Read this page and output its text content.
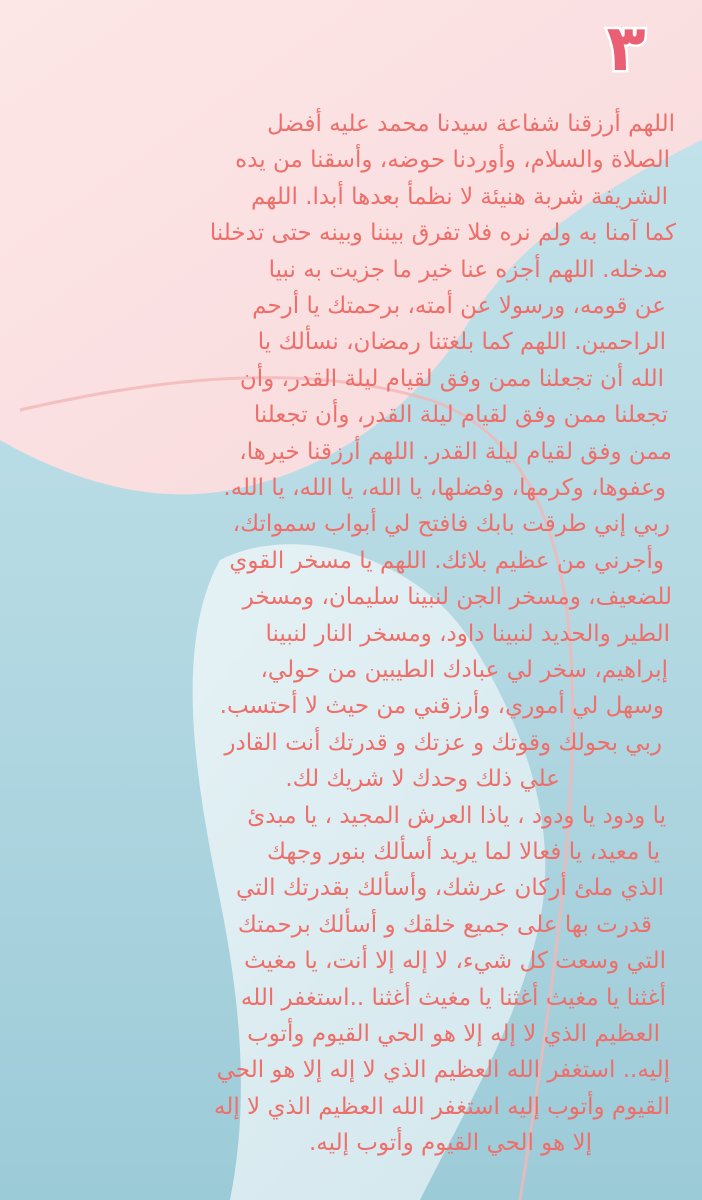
٣
اللهم أرزقنا شفاعة سيدنا محمد عليه أفضل
الصلاة والسلام، وأوردنا حوضه، وأسقنا من يده
الشريفة شربة هنيئة لا نظمأ بعدها أبدا. اللهم
كما آمنا به ولم نره فلا تفرق بيننا وبينه حتى تدخلنا
مدخله. اللهم أجزه عنا خير ما جزيت به نبيا
عن قومه، ورسولا عن أمته، برحمتك يا أرحم
الراحمين. اللهم كما بلغتنا رمضان، نسألك يا
الله أن تجعلنا ممن وفق لقيام ليلة القدر، وأن
تجعلنا ممن وفق لقيام ليلة القدر، وأن تجعلنا
ممن وفق لقيام ليلة القدر. اللهم أرزقنا خيرها،
وعفوها، وكرمها، وفضلها، يا الله، يا الله، يا الله.
ربي إني طرقت بابك فافتح لي أبواب سمواتك،
وأجرني من عظيم بلائك. اللهم يا مسخر القوي
للضعيف، ومسخر الجن لنبينا سليمان، ومسخر
الطير والحديد لنبينا داود، ومسخر النار لنبينا
إبراهيم، سخر لي عبادك الطيبين من حولي،
وسهل لي أموري، وأرزقني من حيث لا أحتسب.
ربي بحولك وقوتك و عزتك و قدرتك أنت القادر
علي ذلك وحدك لا شريك لك.
يا ودود يا ودود ، ياذا العرش المجيد ، يا مبدئ
يا معيد، يا فعالا لما يريد أسألك بنور وجهك
الذي ملئ أركان عرشك، وأسألك بقدرتك التي
قدرت بها على جميع خلقك و أسألك برحمتك
التي وسعت كل شيء، لا إله إلا أنت، يا مغيث
أغثنا يا مغيث أغثنا يا مغيث أغثنا ..استغفر الله
العظيم الذي لا إله إلا هو الحي القيوم وأتوب
إليه.. استغفر الله العظيم الذي لا إله إلا هو الحي
القيوم وأتوب إليه استغفر الله العظيم الذي لا إله
إلا هو الحي القيوم وأتوب إليه.
